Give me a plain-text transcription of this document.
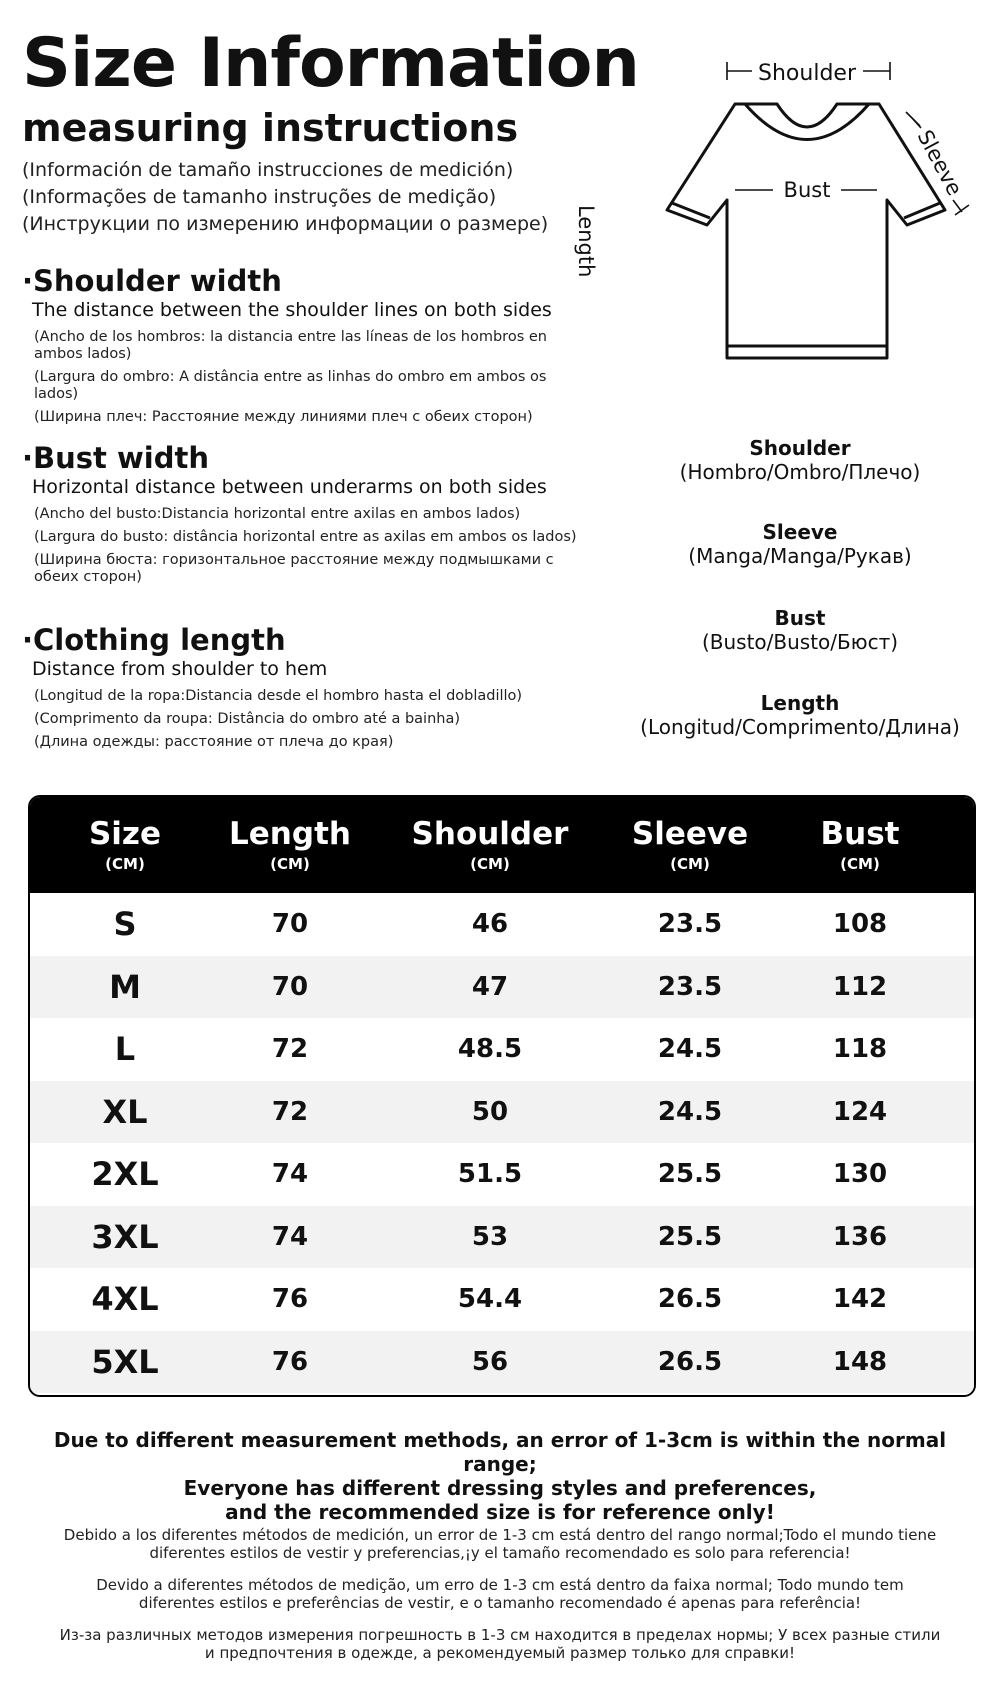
Size Information
measuring instructions
(Información de tamaño instrucciones de medición)
(Informações de tamanho instruções de medição)
(Инструкции по измерению информации о размере)
·Shoulder width
The distance between the shoulder lines on both sides
(Ancho de los hombros: la distancia entre las líneas de los hombros en ambos lados)
(Largura do ombro: A distância entre as linhas do ombro em ambos os lados)
(Ширина плеч: Расстояние между линиями плеч с обеих сторон)
·Bust width
Horizontal distance between underarms on both sides
(Ancho del busto:Distancia horizontal entre axilas en ambos lados)
(Largura do busto: distância horizontal entre as axilas em ambos os lados)
(Ширина бюста: горизонтальное расстояние между подмышками с обеих сторон)
·Clothing length
Distance from shoulder to hem
(Longitud de la ropa:Distancia desde el hombro hasta el dobladillo)
(Comprimento da roupa: Distância do ombro até a bainha)
(Длина одежды: расстояние от плеча до края)
Shoulder
Sleeve
Bust
Length
Shoulder
(Hombro/Ombro/Плечо)
Sleeve
(Manga/Manga/Рукав)
Bust
(Busto/Busto/Бюст)
Length
(Longitud/Comprimento/Длина)
Size
(CM)
Length
(CM)
Shoulder
(CM)
Sleeve
(CM)
Bust
(CM)
S	70	46	23.5	108
M	70	47	23.5	112
L	72	48.5	24.5	118
XL	72	50	24.5	124
2XL	74	51.5	25.5	130
3XL	74	53	25.5	136
4XL	76	54.4	26.5	142
5XL	76	56	26.5	148
Due to different measurement methods, an error of 1-3cm is within the normal range;
Everyone has different dressing styles and preferences,
and the recommended size is for reference only!
Debido a los diferentes métodos de medición, un error de 1-3 cm está dentro del rango normal;Todo el mundo tiene
diferentes estilos de vestir y preferencias,¡y el tamaño recomendado es solo para referencia!
Devido a diferentes métodos de medição, um erro de 1-3 cm está dentro da faixa normal; Todo mundo tem
diferentes estilos e preferências de vestir, e o tamanho recomendado é apenas para referência!
Из-за различных методов измерения погрешность в 1-3 см находится в пределах нормы; У всех разные стили
и предпочтения в одежде, а рекомендуемый размер только для справки!
